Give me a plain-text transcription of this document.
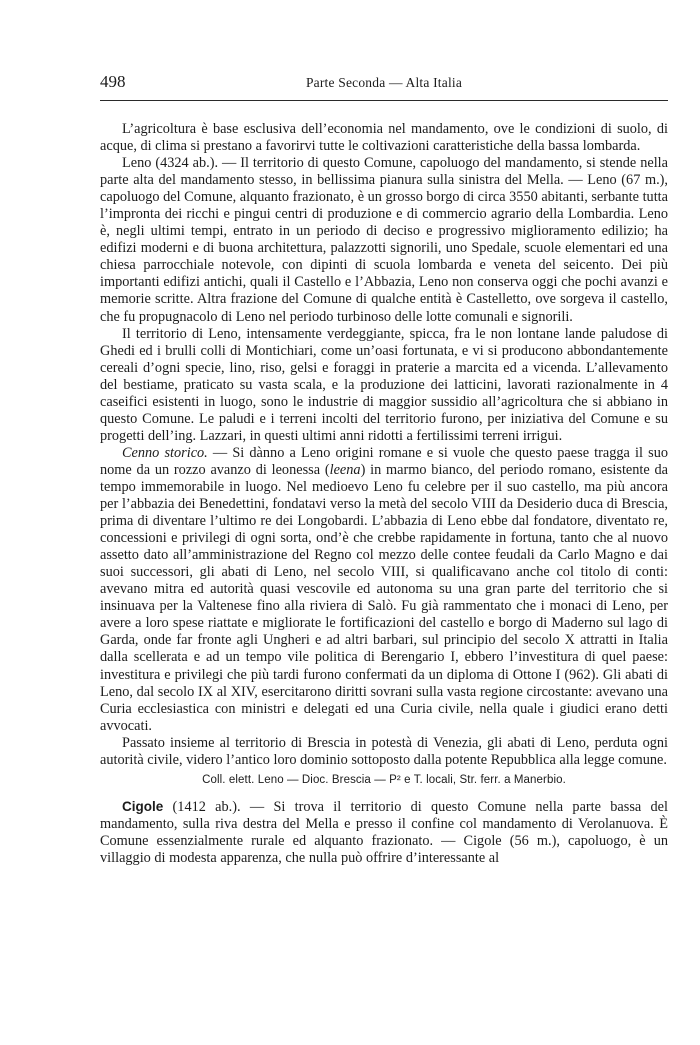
498	Parte Seconda — Alta Italia

L’agricoltura è base esclusiva dell’economia nel mandamento, ove le condizioni di suolo, di acque, di clima si prestano a favorirvi tutte le coltivazioni caratteristiche della bassa lombarda.

Leno (4324 ab.). — Il territorio di questo Comune, capoluogo del mandamento, si stende nella parte alta del mandamento stesso, in bellissima pianura sulla sinistra del Mella. — Leno (67 m.), capoluogo del Comune, alquanto frazionato, è un grosso borgo di circa 3550 abitanti, serbante tutta l’impronta dei ricchi e pingui centri di produzione e di commercio agrario della Lombardia. Leno è, negli ultimi tempi, entrato in un periodo di deciso e progressivo miglioramento edilizio; ha edifizi moderni e di buona architettura, palazzotti signorili, uno Spedale, scuole elementari ed una chiesa parrocchiale notevole, con dipinti di scuola lombarda e veneta del seicento. Dei più importanti edifizi antichi, quali il Castello e l’Abbazia, Leno non conserva oggi che pochi avanzi e memorie scritte. Altra frazione del Comune di qualche entità è Castelletto, ove sorgeva il castello, che fu propugnacolo di Leno nel periodo turbinoso delle lotte comunali e signorili.

Il territorio di Leno, intensamente verdeggiante, spicca, fra le non lontane lande paludose di Ghedi ed i brulli colli di Montichiari, come un’oasi fortunata, e vi si producono abbondantemente cereali d’ogni specie, lino, riso, gelsi e foraggi in praterie a marcita ed a vicenda. L’allevamento del bestiame, praticato su vasta scala, e la produzione dei latticini, lavorati razionalmente in 4 caseifici esistenti in luogo, sono le industrie di maggior sussidio all’agricoltura che si abbiano in questo Comune. Le paludi e i terreni incolti del territorio furono, per iniziativa del Comune e su progetti dell’ing. Lazzari, in questi ultimi anni ridotti a fertilissimi terreni irrigui.

Cenno storico. — Si dànno a Leno origini romane e si vuole che questo paese tragga il suo nome da un rozzo avanzo di leonessa (leena) in marmo bianco, del periodo romano, esistente da tempo immemorabile in luogo. Nel medioevo Leno fu celebre per il suo castello, ma più ancora per l’abbazia dei Benedettini, fondatavi verso la metà del secolo VIII da Desiderio duca di Brescia, prima di diventare l’ultimo re dei Longobardi. L’abbazia di Leno ebbe dal fondatore, diventato re, concessioni e privilegi di ogni sorta, ond’è che crebbe rapidamente in fortuna, tanto che al nuovo assetto dato all’amministrazione del Regno col mezzo delle contee feudali da Carlo Magno e dai suoi successori, gli abati di Leno, nel secolo VIII, si qualificavano anche col titolo di conti: avevano mitra ed autorità quasi vescovile ed autonoma su una gran parte del territorio che si insinuava per la Valtenese fino alla riviera di Salò. Fu già rammentato che i monaci di Leno, per avere a loro spese riattate e migliorate le fortificazioni del castello e borgo di Maderno sul lago di Garda, onde far fronte agli Ungheri e ad altri barbari, sul principio del secolo X attratti in Italia dalla scellerata e ad un tempo vile politica di Berengario I, ebbero l’investitura di quel paese: investitura e privilegi che più tardi furono confermati da un diploma di Ottone I (962). Gli abati di Leno, dal secolo IX al XIV, esercitarono diritti sovrani sulla vasta regione circostante: avevano una Curia ecclesiastica con ministri e delegati ed una Curia civile, nella quale i giudici erano detti avvocati.

Passato insieme al territorio di Brescia in potestà di Venezia, gli abati di Leno, perduta ogni autorità civile, videro l’antico loro dominio sottoposto dalla potente Repubblica alla legge comune.

Coll. elett. Leno — Dioc. Brescia — P² e T. locali, Str. ferr. a Manerbio.

Cigole (1412 ab.). — Si trova il territorio di questo Comune nella parte bassa del mandamento, sulla riva destra del Mella e presso il confine col mandamento di Verolanuova. È Comune essenzialmente rurale ed alquanto frazionato. — Cigole (56 m.), capoluogo, è un villaggio di modesta apparenza, che nulla può offrire d’interessante al
